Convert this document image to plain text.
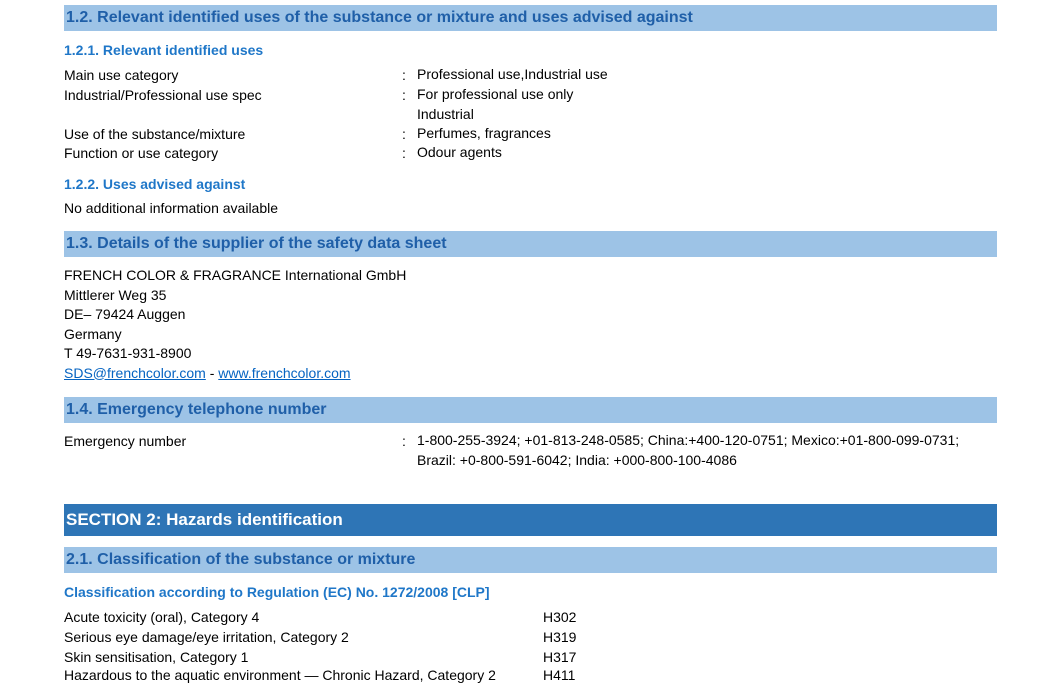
1.2. Relevant identified uses of the substance or mixture and uses advised against
1.2.1. Relevant identified uses
Main use category	: Professional use,Industrial use
Industrial/Professional use spec	: For professional use only
Industrial
Use of the substance/mixture	: Perfumes, fragrances
Function or use category	: Odour agents
1.2.2. Uses advised against
No additional information available
1.3. Details of the supplier of the safety data sheet
FRENCH COLOR & FRAGRANCE International GmbH
Mittlerer Weg 35
DE– 79424 Auggen
Germany
T 49-7631-931-8900
SDS@frenchcolor.com - www.frenchcolor.com
1.4. Emergency telephone number
Emergency number	: 1-800-255-3924; +01-813-248-0585; China:+400-120-0751; Mexico:+01-800-099-0731;
Brazil: +0-800-591-6042; India: +000-800-100-4086
SECTION 2: Hazards identification
2.1. Classification of the substance or mixture
Classification according to Regulation (EC) No. 1272/2008 [CLP]
Acute toxicity (oral), Category 4	H302
Serious eye damage/eye irritation, Category 2	H319
Skin sensitisation, Category 1	H317
Hazardous to the aquatic environment — Chronic Hazard, Category 2	H411
